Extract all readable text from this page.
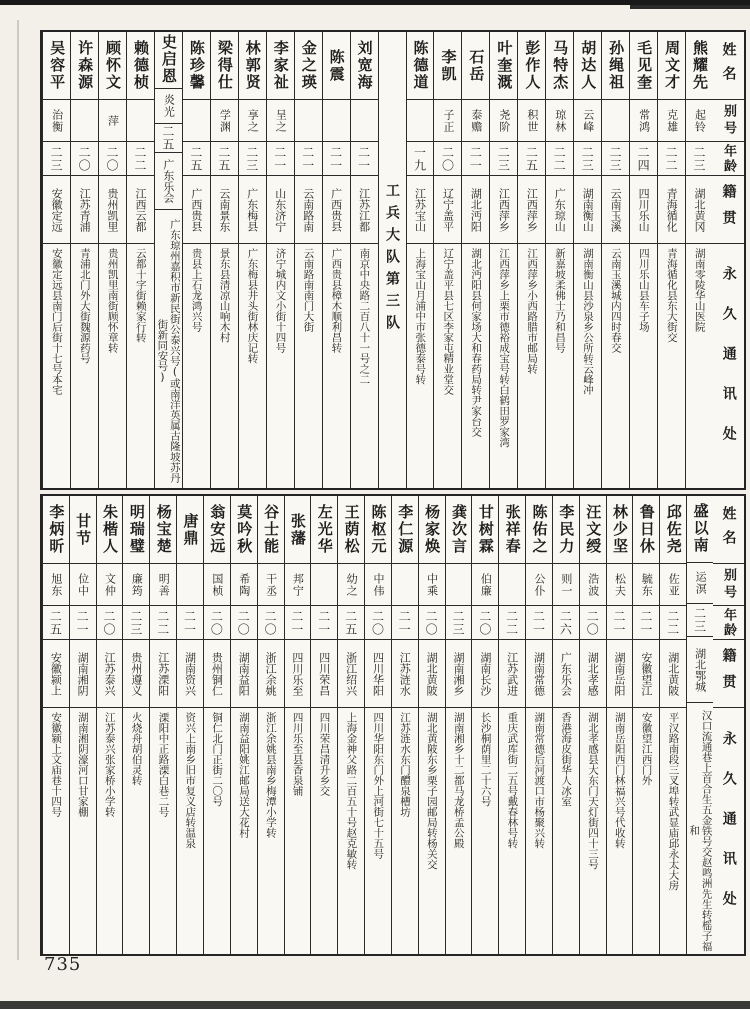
姓名
别号
年龄
籍贯
永久通讯处
熊耀先
起铃
二三
湖北黄冈
湖南零陵华山医院
周文才
克雄
二二
青海循化
青海循化县东大街交
毛见奎
常鸿
二四
四川乐山
四川乐山县车子场
孙绳祖
二三
云南玉溪
云南玉溪城内四时春交
胡达人
云峰
二三
湖南衡山
湖南衡山县沙泉乡公所转云峰冲
马特杰
琼林
二二
广东琼山
新嘉坡柔佛士乃和昌号
彭作人
积世
二五
江西萍乡
江西萍乡小西路腊市邮局转
叶奎溉
尧阶
二三
江西萍乡
江西萍乡上栗市德裕成宝号转白鹤田罗家湾
石岳
泰赡
二一
湖北沔阳
湖北沔阳县何家场大和春药局转尹家台交
李凯
子正
二〇
辽宁盖平
辽宁盖平县七区李家屯精业堂交
陈德道
一九
江苏宝山
上海宝山月浦中市张德泰号转
工兵大队第三队
刘宽海
二一
江苏江都
南京中央路二百八十一号之二
陈震
二一
广西贵县
广西贵县樟木顺利昌转
金之瑛
二一
云南路南
云南路南南门大街
李家祉
呈之
二一
山东济宁
济宁城内文小街十四号
林郭贤
享之
二三
广东梅县
广东梅县井头街林庆记转
梁得仕
学渊
二五
云南景东
景东县清凉山响木村
陈珍馨
二五
广西贵县
贵县上石龙鸿兴号
史启恩
炎光
二五
广东乐会
广东琼州嘉积市新民街公泰兴号(或南洋英属古隆坡苏丹街新同安号)
赖德桢
二二
江西云都
云都十字街赖家行转
顾怀文
萍
二〇
贵州凯里
贵州凯里南街顾怀章转
许森源
二〇
江苏青浦
青浦北门外大街魏源药号
吴容平
治衡
二三
安徽定远
安徽定远县南门后街十七号本宅
姓名
别号
年龄
籍贯
永久通讯处
盛以南
运溟
二三
湖北鄂城
汉口流通巷上首合生五金铁号交赵鸣洲先生转榣子福和
邱佐尧
佐亚
二二
湖北黄陂
平汉路南段三叉埠转武显庙邱永太大房
鲁日休
毓东
二一
安徽望江
安徽望江西门外
林少坚
松夫
二一
湖南岳阳
湖南岳阳西门林福兴号代收转
汪文绶
浩波
二〇
湖北孝感
湖北孝感县大东门天灯街四十三号
李民力
则一
二六
广东乐会
香港海皮街华人冰室
陈佑之
公仆
二一
湖南常德
湖南常德后河渡口市杨聚兴转
张祥春
二二
江苏武进
重庆武库街二五号戴春林号转
甘树霖
伯廉
二〇
湖南长沙
长沙桐荫里二十六号
龚次言
二三
湖南湘乡
湖南湘乡十二都马龙桥孟公殿
杨家焕
中乘
二〇
湖北黄陂
湖北黄陂东乡栗子园邮局转杨关交
李仁源
二一
江苏涟水
江苏涟水东门醴泉槽坊
陈枢元
中伟
二〇
四川华阳
四川华阳东门外上河街七十五号
王荫松
幼之
二五
浙江绍兴
上海金神父路二百五十号赵克敏转
左光华
二一
四川荣昌
四川荣昌清升乡交
张藩
邦宁
二一
四川乐至
四川乐至县香泉铺
谷士能
干丞
二〇
浙江余姚
浙江余姚县南乡梅潭小学转
莫吟秋
希陶
二〇
湖南益阳
湖南益阳姚江邮局送大花村
翁安远
国桢
二〇
贵州铜仁
铜仁北门正街二〇号
唐鼎
二一
湖南资兴
资兴上南乡旧市复义店转温泉
杨宝楚
明善
二二
江苏溧阳
溧阳中正路溧白巷二号
明瑞璧
廉筠
二三
贵州遵义
火烧舟胡伯灵转
朱楷人
文仲
二〇
江苏泰兴
江苏泰兴张家桥小学转
甘节
位中
二一
湖南湘阴
湖南湘阴濠河口甘家棚
李炳昕
旭东
二五
安徽颍上
安徽颍上文庙巷十四号
735
